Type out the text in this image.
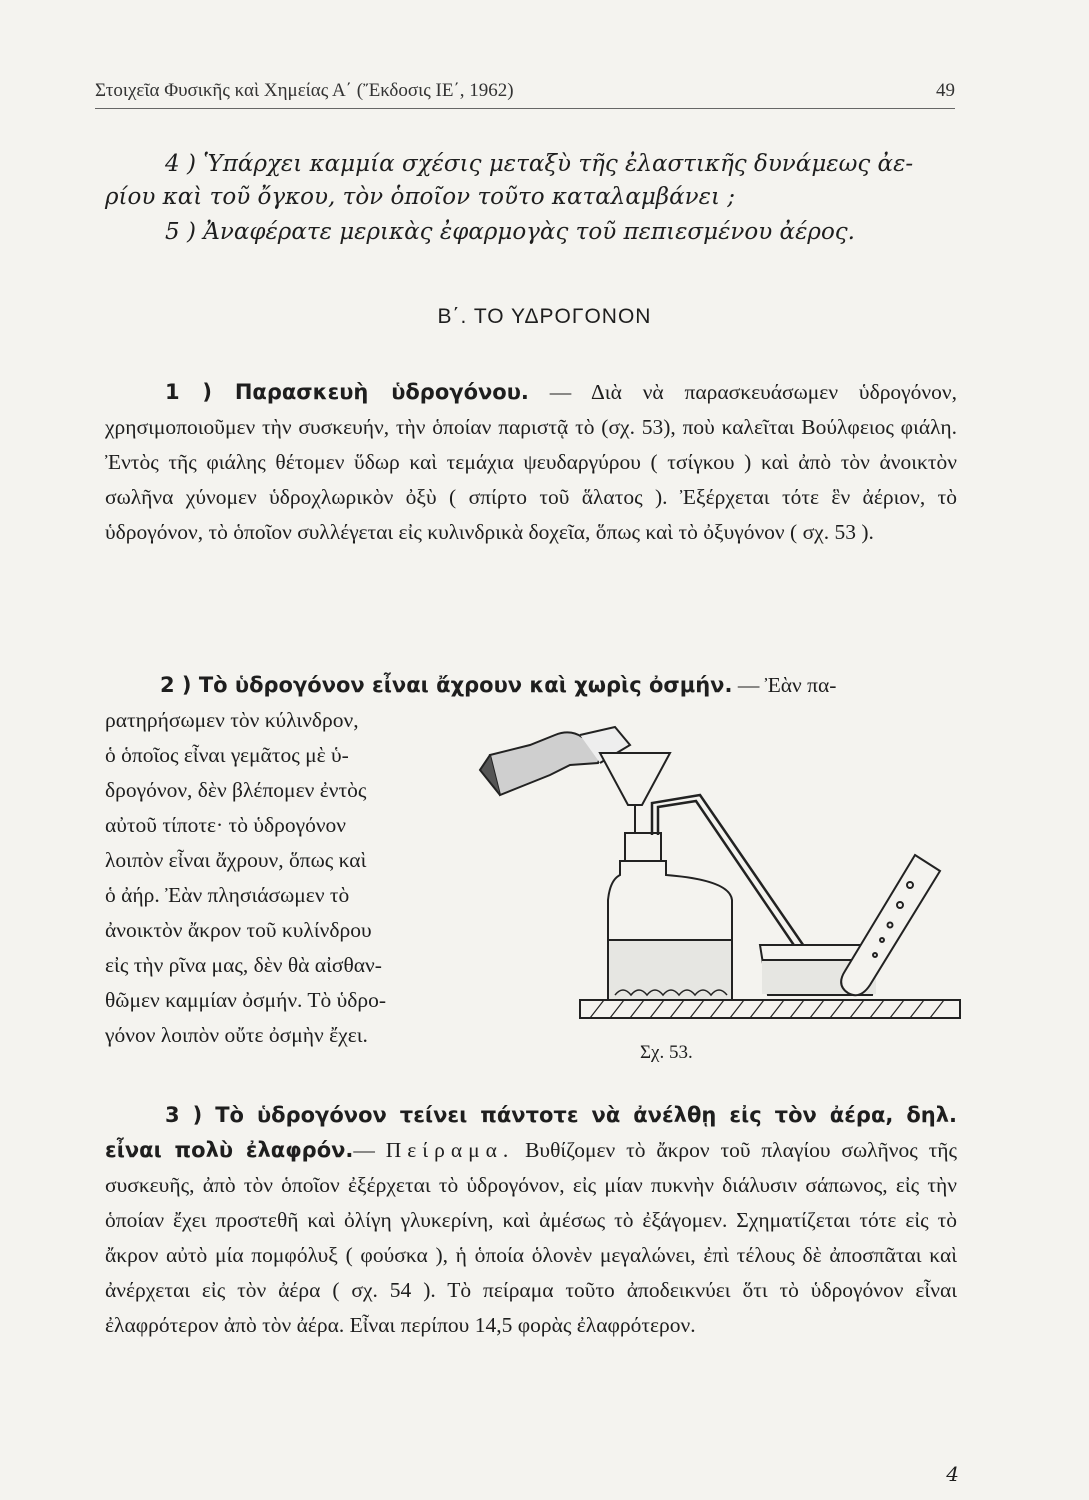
Στοιχεῖα Φυσικῆς καὶ Χημείας Α΄ (Ἔκδοσις ΙΕ΄, 1962)	49
4 ) Ὑπάρχει καμμία σχέσις μεταξὺ τῆς ἐλαστικῆς δυνάμεως ἀε-
ρίου καὶ τοῦ ὄγκου, τὸν ὁποῖον τοῦτο καταλαμβάνει ;
5 ) Ἀναφέρατε μερικὰς ἐφαρμογὰς τοῦ πεπιεσμένου ἀέρος.
Β΄. ΤΟ ΥΔΡΟΓΟΝΟΝ
1 ) Παρασκευὴ ὑδρογόνου. — Διὰ νὰ παρασκευάσωμεν ὑδρογόνον, χρησιμοποιοῦμεν τὴν συσκευήν, τὴν ὁποίαν παριστᾷ τὸ (σχ. 53), ποὺ καλεῖται Βούλφειος φιάλη. Ἐντὸς τῆς φιάλης θέτομεν ὕδωρ καὶ τεμάχια ψευδαργύρου ( τσίγκου ) καὶ ἀπὸ τὸν ἀνοικτὸν σωλῆνα χύνομεν ὑδροχλωρικὸν ὀξὺ ( σπίρτο τοῦ ἅλατος ). Ἐξέρχεται τότε ἓν ἀέριον, τὸ ὑδρογόνον, τὸ ὁποῖον συλλέγεται εἰς κυλινδρικὰ δοχεῖα, ὅπως καὶ τὸ ὀξυγόνον ( σχ. 53 ).
2 ) Τὸ ὑδρογόνον εἶναι ἄχρουν καὶ χωρὶς ὀσμήν. — Ἐὰν πα-
ρατηρήσωμεν τὸν κύλινδρον,
ὁ ὁποῖος εἶναι γεμᾶτος μὲ ὑ-
δρογόνον, δὲν βλέπομεν ἐντὸς
αὐτοῦ τίποτε· τὸ ὑδρογόνον
λοιπὸν εἶναι ἄχρουν, ὅπως καὶ
ὁ ἀήρ. Ἐὰν πλησιάσωμεν τὸ
ἀνοικτὸν ἄκρον τοῦ κυλίνδρου
εἰς τὴν ρῖνα μας, δὲν θὰ αἰσθαν-
θῶμεν καμμίαν ὀσμήν. Τὸ ὑδρο-
γόνον λοιπὸν οὔτε ὀσμὴν ἔχει.
Σχ. 53.
3 ) Τὸ ὑδρογόνον τείνει πάντοτε νὰ ἀνέλθῃ εἰς τὸν ἀέρα, δηλ. εἶναι πολὺ ἐλαφρόν.— Πείραμα. Βυθίζομεν τὸ ἄκρον τοῦ πλαγίου σωλῆνος τῆς συσκευῆς, ἀπὸ τὸν ὁποῖον ἐξέρχεται τὸ ὑδρογόνον, εἰς μίαν πυκνὴν διάλυσιν σάπωνος, εἰς τὴν ὁποίαν ἔχει προστεθῆ καὶ ὀλίγη γλυκερίνη, καὶ ἀμέσως τὸ ἐξάγομεν. Σχηματίζεται τότε εἰς τὸ ἄκρον αὐτὸ μία πομφόλυξ ( φούσκα ), ἡ ὁποία ὁλονὲν μεγαλώνει, ἐπὶ τέλους δὲ ἀποσπᾶται καὶ ἀνέρχεται εἰς τὸν ἀέρα ( σχ. 54 ). Τὸ πείραμα τοῦτο ἀποδεικνύει ὅτι τὸ ὑδρογόνον εἶναι ἐλαφρότερον ἀπὸ τὸν ἀέρα. Εἶναι περίπου 14,5 φορὰς ἐλαφρότερον.
4
